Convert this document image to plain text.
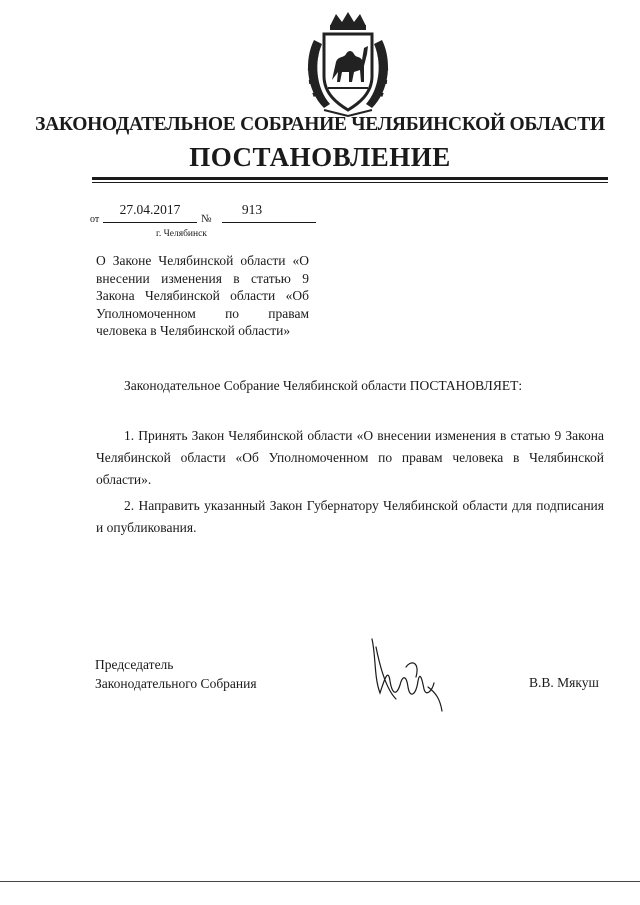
ЗАКОНОДАТЕЛЬНОЕ СОБРАНИЕ ЧЕЛЯБИНСКОЙ ОБЛАСТИ
ПОСТАНОВЛЕНИЕ
от
27.04.2017
№
913
г. Челябинск
О Законе Челябинской области «О внесении изменения в статью 9 Закона Челябинской области «Об Уполномоченном по правам человека в Челябинской области»
Законодательное Собрание Челябинской области ПОСТАНОВЛЯЕТ:
1. Принять Закон Челябинской области «О внесении изменения в статью 9 Закона Челябинской области «Об Уполномоченном по правам человека в Челябинской области».
2. Направить указанный Закон Губернатору Челябинской области для подписания и опубликования.
Председатель
Законодательного Собрания	В.В. Мякуш
